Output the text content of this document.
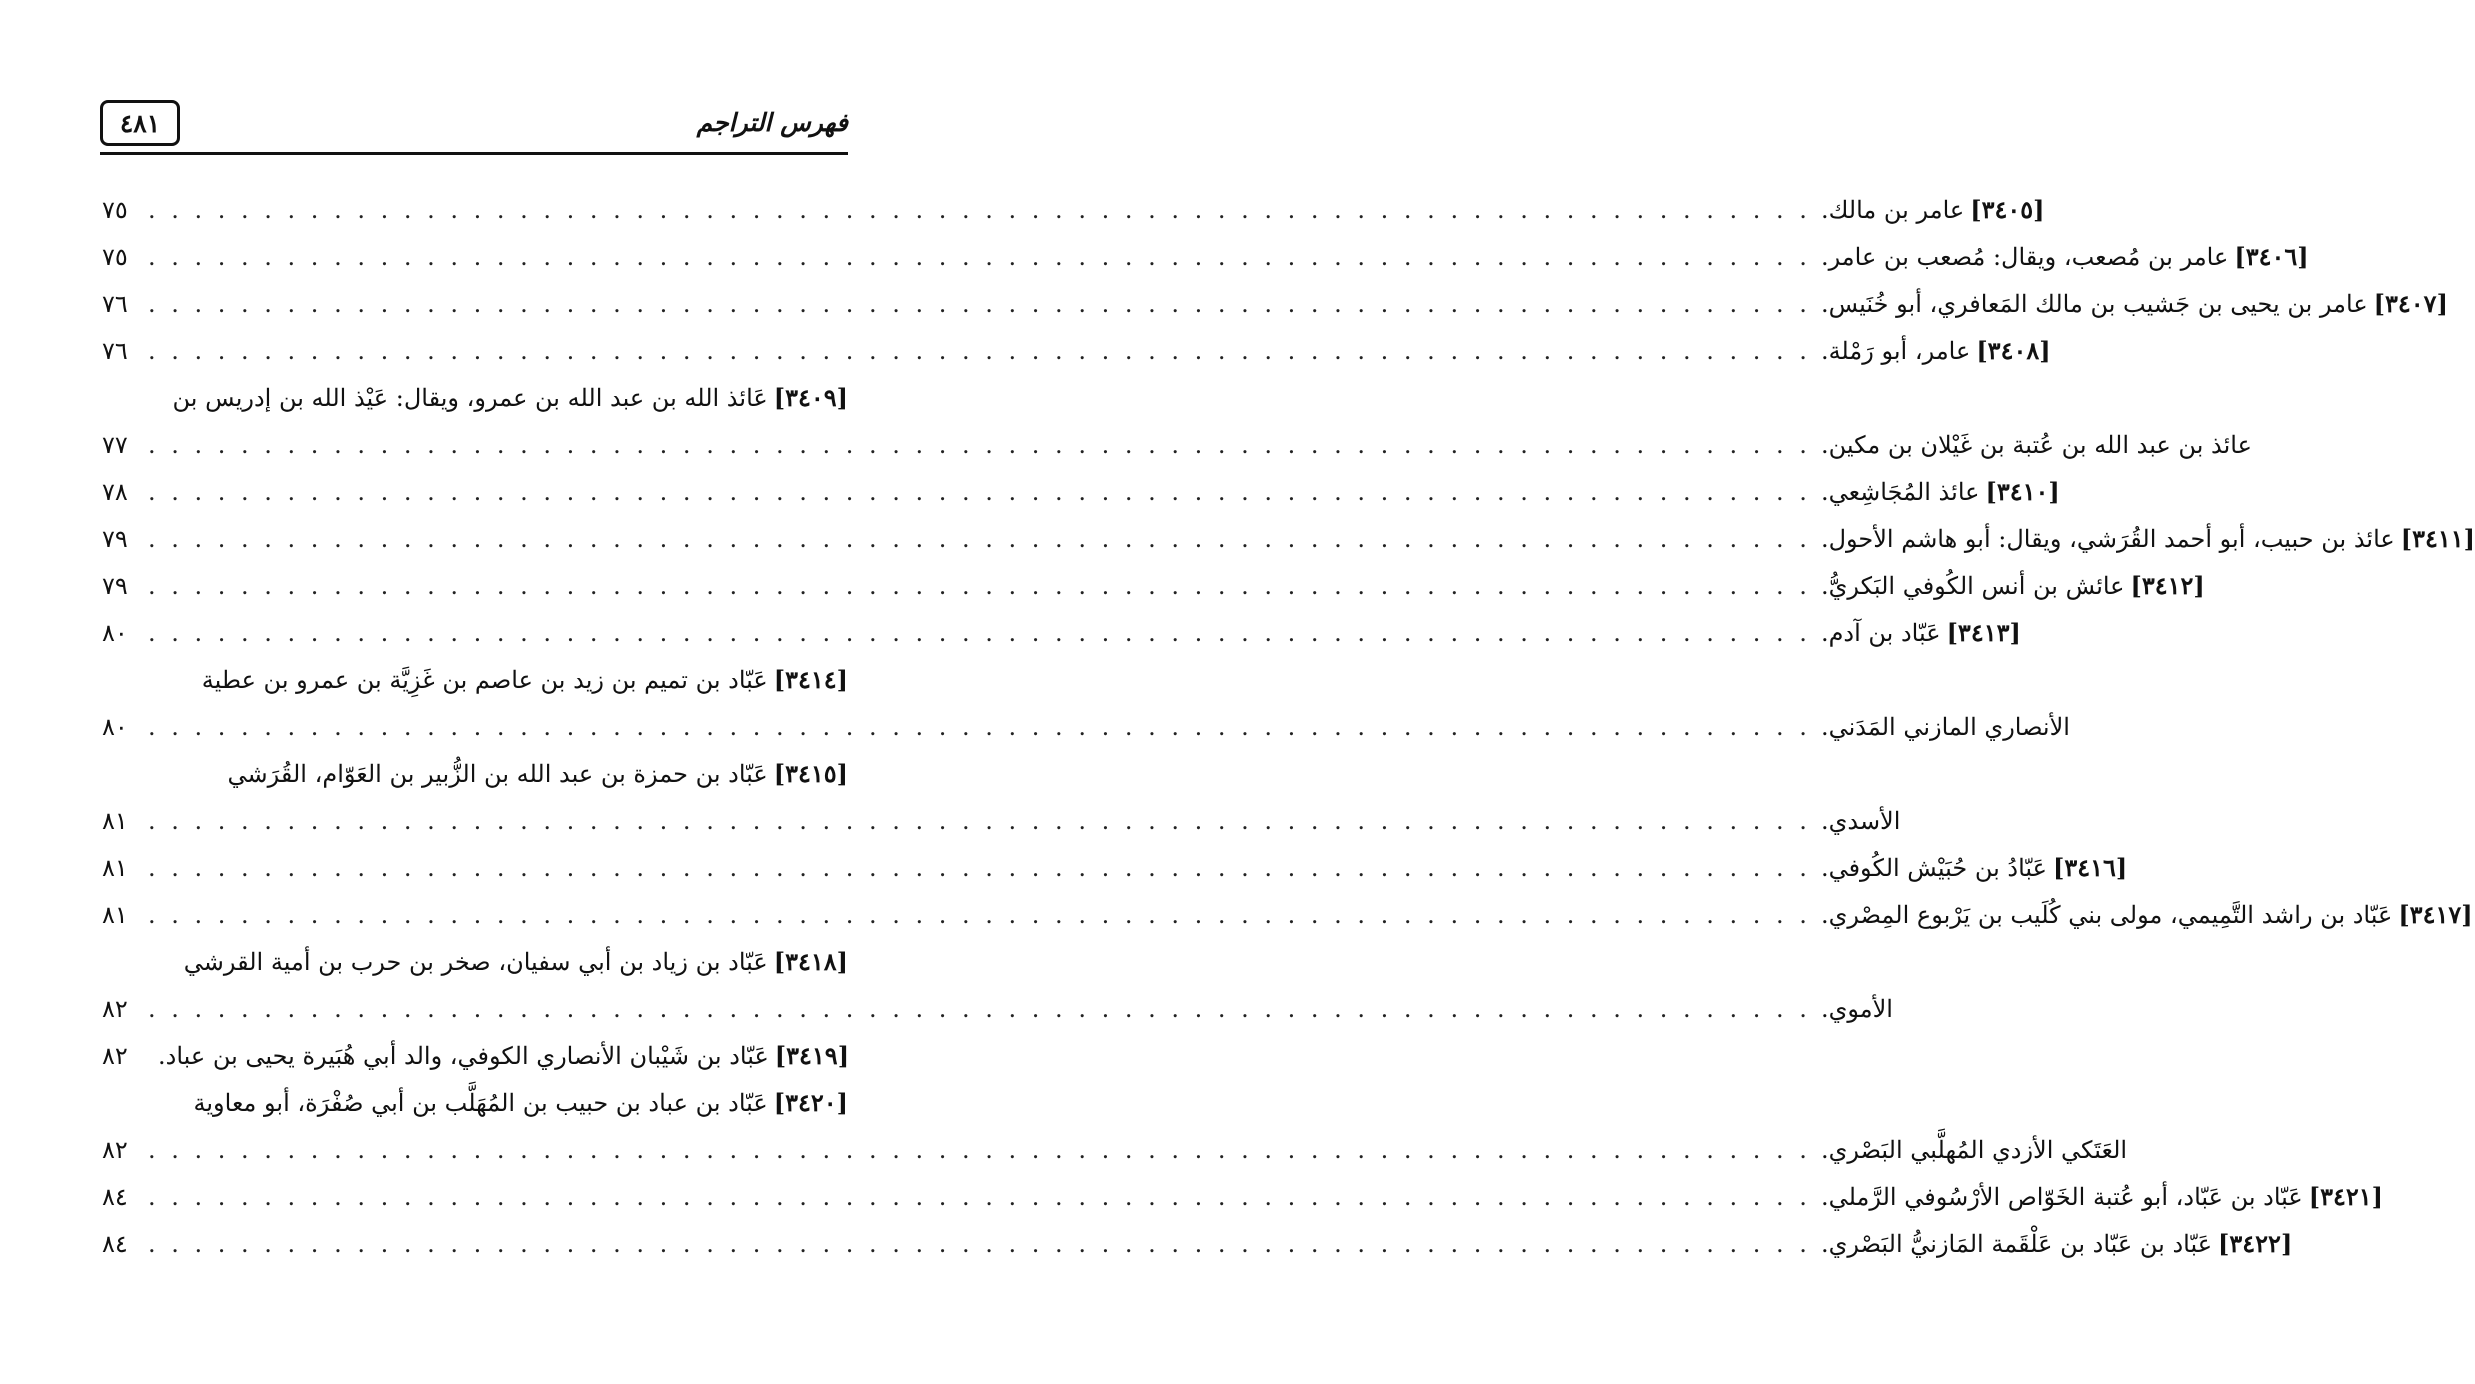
٤٨١	فهرس التراجم
٧٥ . . . . . . . . . . . . . . . . . . . . . . . . . . . . . . . . . . . . . . . . . . . . . . . . . . . . . . . . . . . . . . . . . . . . . . . .	[٣٤٠٥]عامر بن مالك.
٧٥ . . . . . . . . . . . . . . . . . . . . . . . . . . . . . . . . . . . . . . . . . . . . . . . . . . . . . . . . . . . . . . . . . . . . . . . .	[٣٤٠٦]عامر بن مُصعب، ويقال: مُصعب بن عامر.
٧٦ . . . . . . . . . . . . . . . . . . . . . . . . . . . . . . . . . . . . . . . . . . . . . . . . . . . . . . . . . . . . . . . . . . . . . . . .	[٣٤٠٧]عامر بن يحيى بن جَشيب بن مالك المَعافري، أبو خُنَيس.
٧٦ . . . . . . . . . . . . . . . . . . . . . . . . . . . . . . . . . . . . . . . . . . . . . . . . . . . . . . . . . . . . . . . . . . . . . . . .	[٣٤٠٨]عامر، أبو رَمْلة.
[٣٤٠٩]عَائذ الله بن عبد الله بن عمرو، ويقال: عَيْذ الله بن إدريس بن
٧٧ . . . . . . . . . . . . . . . . . . . . . . . . . . . . . . . . . . . . . . . . . . . . . . . . . . . . . . . . . . . . . . . . . . . . . . . . عائذ بن عبد الله بن عُتبة بن غَيْلان بن مكين.
٧٨ . . . . . . . . . . . . . . . . . . . . . . . . . . . . . . . . . . . . . . . . . . . . . . . . . . . . . . . . . . . . . . . . . . . . . . . .	[٣٤١٠]عائذ المُجَاشِعي.
٧٩ . . . . . . . . . . . . . . . . . . . . . . . . . . . . . . . . . . . . . . . . . . . . . . . . . . . . . . . . . . . . . . . . . . . . . . . .	[٣٤١١]عائذ بن حبيب، أبو أحمد القُرَشي، ويقال: أبو هاشم الأحول.
٧٩ . . . . . . . . . . . . . . . . . . . . . . . . . . . . . . . . . . . . . . . . . . . . . . . . . . . . . . . . . . . . . . . . . . . . . . . .	[٣٤١٢]عائش بن أنس الكُوفي البَكريُّ.
٨٠ . . . . . . . . . . . . . . . . . . . . . . . . . . . . . . . . . . . . . . . . . . . . . . . . . . . . . . . . . . . . . . . . . . . . . . . .	[٣٤١٣]عَبّاد بن آدم.
[٣٤١٤]عَبّاد بن تميم بن زيد بن عاصم بن غَزِيَّة بن عمرو بن عطية
٨٠ . . . . . . . . . . . . . . . . . . . . . . . . . . . . . . . . . . . . . . . . . . . . . . . . . . . . . . . . . . . . . . . . . . . . . . . . الأنصاري المازني المَدَني.
[٣٤١٥]عَبّاد بن حمزة بن عبد الله بن الزُّبير بن العَوّام، القُرَشي
٨١ . . . . . . . . . . . . . . . . . . . . . . . . . . . . . . . . . . . . . . . . . . . . . . . . . . . . . . . . . . . . . . . . . . . . . . . . الأسدي.
٨١ . . . . . . . . . . . . . . . . . . . . . . . . . . . . . . . . . . . . . . . . . . . . . . . . . . . . . . . . . . . . . . . . . . . . . . . .	[٣٤١٦]عَبّادُ بن حُبَيْش الكُوفي.
٨١ . . . . . . . . . . . . . . . . . . . . . . . . . . . . . . . . . . . . . . . . . . . . . . . . . . . . . . . . . . . . . . . . . . . . . . . .	[٣٤١٧]عَبّاد بن راشد التَّمِيمي، مولى بني كُلَيب بن يَرْبوع المِصْري.
[٣٤١٨]عَبّاد بن زياد بن أبي سفيان، صخر بن حرب بن أمية القرشي
٨٢ . . . . . . . . . . . . . . . . . . . . . . . . . . . . . . . . . . . . . . . . . . . . . . . . . . . . . . . . . . . . . . . . . . . . . . . . الأموي.
٨٢	[٣٤١٩]عَبّاد بن شَيْبان الأنصاري الكوفي، والد أبي هُبَيرة يحيى بن عباد.
[٣٤٢٠]عَبّاد بن عباد بن حبيب بن المُهَلَّب بن أبي صُفْرَة، أبو معاوية
٨٢ . . . . . . . . . . . . . . . . . . . . . . . . . . . . . . . . . . . . . . . . . . . . . . . . . . . . . . . . . . . . . . . . . . . . . . . . العَتَكي الأزدي المُهلَّبي البَصْري.
٨٤ . . . . . . . . . . . . . . . . . . . . . . . . . . . . . . . . . . . . . . . . . . . . . . . . . . . . . . . . . . . . . . . . . . . . . . . .	[٣٤٢١]عَبّاد بن عَبّاد، أبو عُتبة الخَوّاص الأرْسُوفي الرَّملي.
٨٤ . . . . . . . . . . . . . . . . . . . . . . . . . . . . . . . . . . . . . . . . . . . . . . . . . . . . . . . . . . . . . . . . . . . . . . . .	[٣٤٢٢]عَبّاد بن عَبّاد بن عَلْقَمة المَازنيُّ البَصْري.
